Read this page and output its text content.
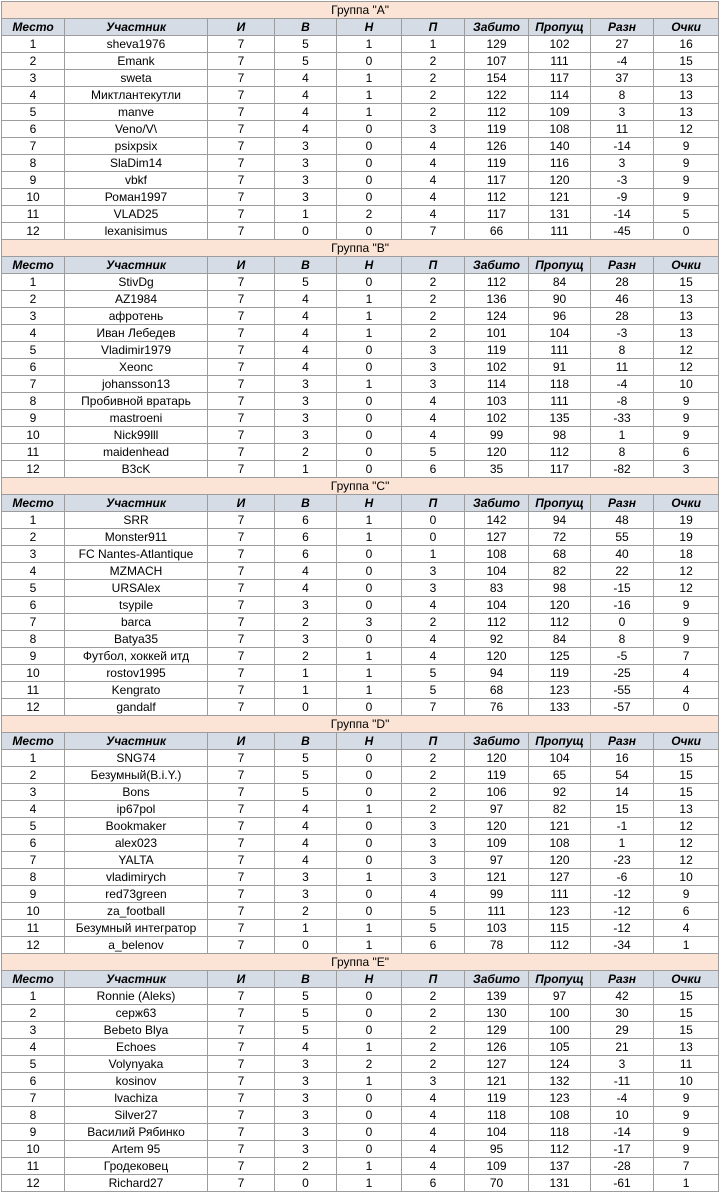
Группа "A"									
Место	Участник	И	В	Н	П	Забито	Пропущ	Разн	Очки
1	sheva1976	7	5	1	1	129	102	27	16
2	Emank	7	5	0	2	107	111	-4	15
3	sweta	7	4	1	2	154	117	37	13
4	Миктлантекутли	7	4	1	2	122	114	8	13
5	manve	7	4	1	2	112	109	3	13
6	Veno/V\	7	4	0	3	119	108	11	12
7	psixpsix	7	3	0	4	126	140	-14	9
8	SlaDim14	7	3	0	4	119	116	3	9
9	vbkf	7	3	0	4	117	120	-3	9
10	Роман1997	7	3	0	4	112	121	-9	9
11	VLAD25	7	1	2	4	117	131	-14	5
12	lexanisimus	7	0	0	7	66	111	-45	0
Группа "B"									
Место	Участник	И	В	Н	П	Забито	Пропущ	Разн	Очки
1	StivDg	7	5	0	2	112	84	28	15
2	AZ1984	7	4	1	2	136	90	46	13
3	афротень	7	4	1	2	124	96	28	13
4	Иван Лебедев	7	4	1	2	101	104	-3	13
5	Vladimir1979	7	4	0	3	119	111	8	12
6	Xeonc	7	4	0	3	102	91	11	12
7	johansson13	7	3	1	3	114	118	-4	10
8	Пробивной вратарь	7	3	0	4	103	111	-8	9
9	mastroeni	7	3	0	4	102	135	-33	9
10	Nick99lll	7	3	0	4	99	98	1	9
11	maidenhead	7	2	0	5	120	112	8	6
12	B3cK	7	1	0	6	35	117	-82	3
Группа "C"									
Место	Участник	И	В	Н	П	Забито	Пропущ	Разн	Очки
1	SRR	7	6	1	0	142	94	48	19
2	Monster911	7	6	1	0	127	72	55	19
3	FC Nantes-Atlantique	7	6	0	1	108	68	40	18
4	MZMACH	7	4	0	3	104	82	22	12
5	URSAlex	7	4	0	3	83	98	-15	12
6	tsypile	7	3	0	4	104	120	-16	9
7	barca	7	2	3	2	112	112	0	9
8	Batya35	7	3	0	4	92	84	8	9
9	Футбол, хоккей итд	7	2	1	4	120	125	-5	7
10	rostov1995	7	1	1	5	94	119	-25	4
11	Kengrato	7	1	1	5	68	123	-55	4
12	gandalf	7	0	0	7	76	133	-57	0
Группа "D"									
Место	Участник	И	В	Н	П	Забито	Пропущ	Разн	Очки
1	SNG74	7	5	0	2	120	104	16	15
2	Безумный(B.i.Y.)	7	5	0	2	119	65	54	15
3	Bons	7	5	0	2	106	92	14	15
4	ip67pol	7	4	1	2	97	82	15	13
5	Bookmaker	7	4	0	3	120	121	-1	12
6	alex023	7	4	0	3	109	108	1	12
7	YALTA	7	4	0	3	97	120	-23	12
8	vladimirych	7	3	1	3	121	127	-6	10
9	red73green	7	3	0	4	99	111	-12	9
10	za_football	7	2	0	5	111	123	-12	6
11	Безумный интегратор	7	1	1	5	103	115	-12	4
12	a_belenov	7	0	1	6	78	112	-34	1
Группа "E"									
Место	Участник	И	В	Н	П	Забито	Пропущ	Разн	Очки
1	Ronnie (Aleks)	7	5	0	2	139	97	42	15
2	серж63	7	5	0	2	130	100	30	15
3	Bebeto Blya	7	5	0	2	129	100	29	15
4	Echoes	7	4	1	2	126	105	21	13
5	Volynyaka	7	3	2	2	127	124	3	11
6	kosinov	7	3	1	3	121	132	-11	10
7	lvachiza	7	3	0	4	119	123	-4	9
8	Silver27	7	3	0	4	118	108	10	9
9	Василий Рябинко	7	3	0	4	104	118	-14	9
10	Artem 95	7	3	0	4	95	112	-17	9
11	Гродековец	7	2	1	4	109	137	-28	7
12	Richard27	7	0	1	6	70	131	-61	1
